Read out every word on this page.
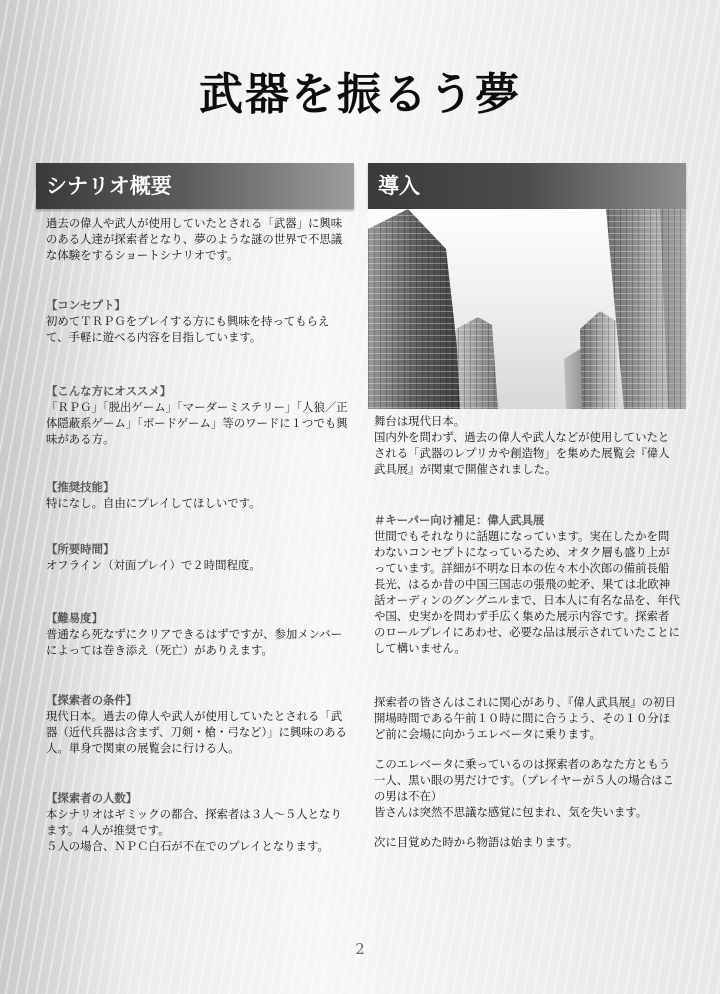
武器を振るう夢
シナリオ概要

過去の偉人や武人が使用していたとされる「武器」に興味のある人達が探索者となり、夢のような謎の世界で不思議な体験をするショートシナリオです。

【コンセプト】

初めてＴＲＰＧをプレイする方にも興味を持ってもらえて、手軽に遊べる内容を目指しています。

【こんな方にオススメ】

「ＲＰＧ」「脱出ゲーム」「マーダーミステリー」「人狼／正体隠蔽系ゲーム」「ボードゲーム」等のワードに１つでも興味がある方。

【推奨技能】

特になし。自由にプレイしてほしいです。

【所要時間】

オフライン（対面プレイ）で２時間程度。

【難易度】

普通なら死なずにクリアできるはずですが、参加メンバーによっては巻き添え（死亡）がありえます。

【探索者の条件】

現代日本。過去の偉人や武人が使用していたとされる「武器（近代兵器は含まず、刀剣・槍・弓など）」に興味のある人。単身で関東の展覧会に行ける人。

【探索者の人数】

本シナリオはギミックの都合、探索者は３人～５人となります。４人が推奨です。

５人の場合、ＮＰＣ白石が不在でのプレイとなります。

導入

舞台は現代日本。

国内外を問わず、過去の偉人や武人などが使用していたとされる「武器のレプリカや創造物」を集めた展覧会『偉人武具展』が関東で開催されました。

＃キーパー向け補足：偉人武具展

世間でもそれなりに話題になっています。実在したかを問わないコンセプトになっているため、オタク層も盛り上がっています。詳細が不明な日本の佐々木小次郎の備前長船長光、はるか昔の中国三国志の張飛の蛇矛、果ては北欧神話オーディンのグングニルまで、日本人に有名な品を、年代や国、史実かを問わず手広く集めた展示内容です。探索者のロールプレイにあわせ、必要な品は展示されていたことにして構いません。

探索者の皆さんはこれに関心があり、『偉人武具展』の初日開場時間である午前１０時に間に合うよう、その１０分ほど前に会場に向かうエレベータに乗ります。

このエレベータに乗っているのは探索者のあなた方ともう一人、黒い眼の男だけです。（プレイヤーが５人の場合はこの男は不在）

皆さんは突然不思議な感覚に包まれ、気を失います。

次に目覚めた時から物語は始まります。

2
